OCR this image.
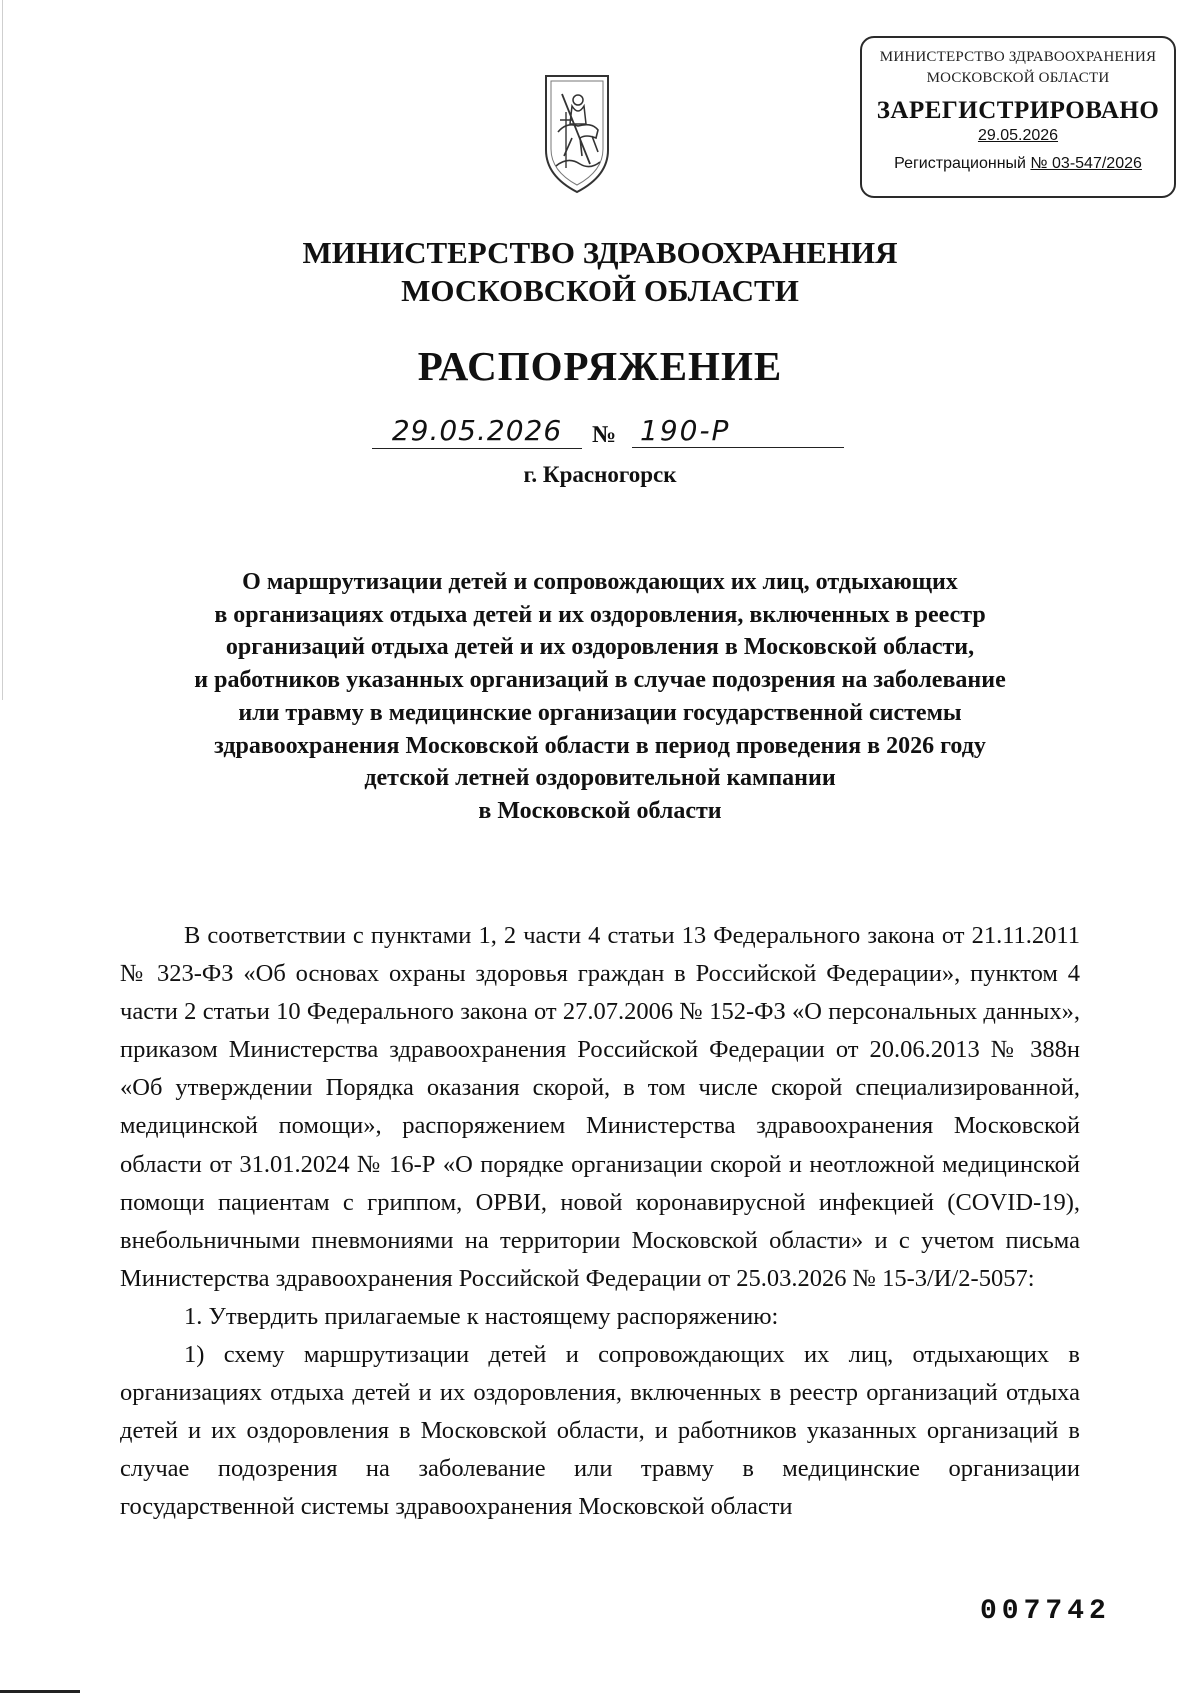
МИНИСТЕРСТВО ЗДРАВООХРАНЕНИЯ
МОСКОВСКОЙ ОБЛАСТИ
ЗАРЕГИСТРИРОВАНО
29.05.2026
Регистрационный № 03-547/2026
МИНИСТЕРСТВО ЗДРАВООХРАНЕНИЯ
МОСКОВСКОЙ ОБЛАСТИ
РАСПОРЯЖЕНИЕ
29.05.2026	№ 190-Р
г. Красногорск
О маршрутизации детей и сопровождающих их лиц, отдыхающих
в организациях отдыха детей и их оздоровления, включенных в реестр
организаций отдыха детей и их оздоровления в Московской области,
и работников указанных организаций в случае подозрения на заболевание
или травму в медицинские организации государственной системы
здравоохранения Московской области в период проведения в 2026 году
детской летней оздоровительной кампании
в Московской области

В соответствии с пунктами 1, 2 части 4 статьи 13 Федерального закона от 21.11.2011 № 323-ФЗ «Об основах охраны здоровья граждан в Российской Федерации», пунктом 4 части 2 статьи 10 Федерального закона от 27.07.2006 № 152-ФЗ «О персональных данных», приказом Министерства здравоохранения Российской Федерации от 20.06.2013 № 388н «Об утверждении Порядка оказания скорой, в том числе скорой специализированной, медицинской помощи», распоряжением Министерства здравоохранения Московской области от 31.01.2024 № 16-Р «О порядке организации скорой и неотложной медицинской помощи пациентам с гриппом, ОРВИ, новой коронавирусной инфекцией (COVID-19), внебольничными пневмониями на территории Московской области» и с учетом письма Министерства здравоохранения Российской Федерации от 25.03.2026 № 15-3/И/2-5057:

1. Утвердить прилагаемые к настоящему распоряжению:

1) схему маршрутизации детей и сопровождающих их лиц, отдыхающих в организациях отдыха детей и их оздоровления, включенных в реестр организаций отдыха детей и их оздоровления в Московской области, и работников указанных организаций в случае подозрения на заболевание или травму в медицинские организации государственной системы здравоохранения Московской области

007742
